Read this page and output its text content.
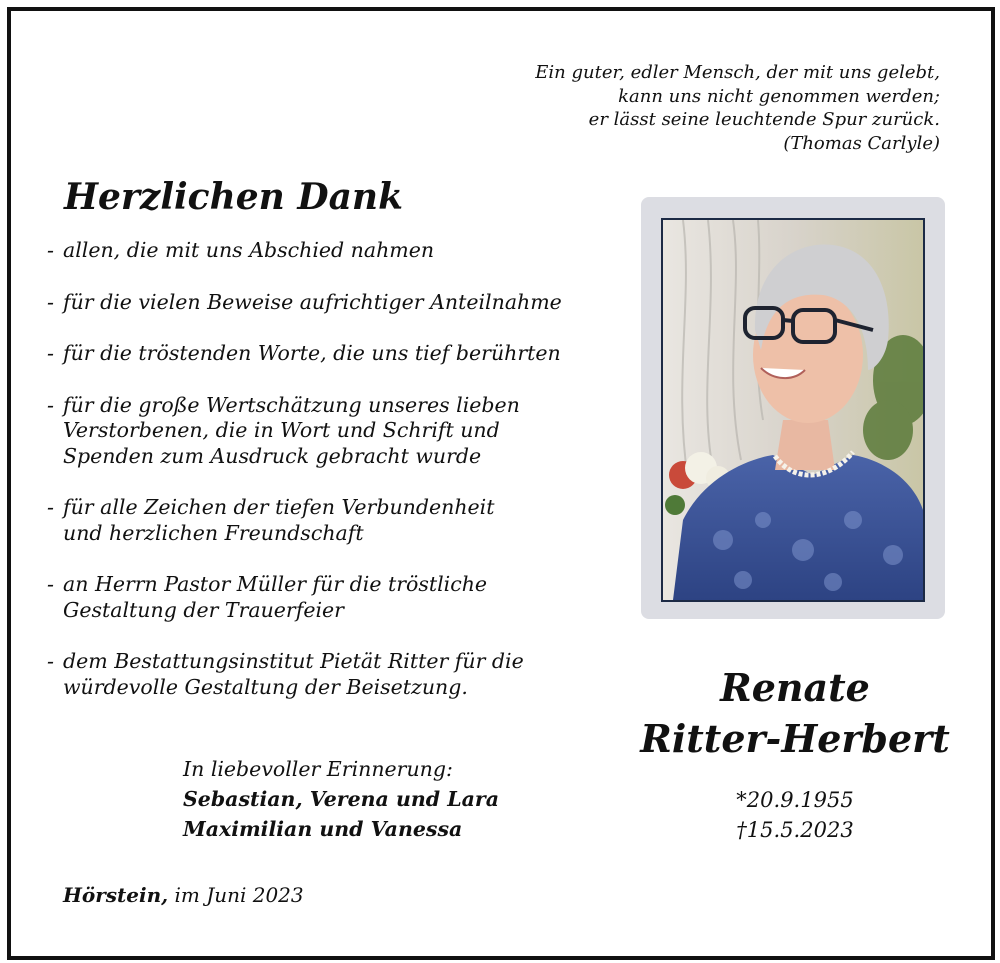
Ein guter, edler Mensch, der mit uns gelebt,
kann uns nicht genommen werden;
er lässt seine leuchtende Spur zurück.
(Thomas Carlyle)
Herzlichen Dank
- allen, die mit uns Abschied nahmen
- für die vielen Beweise aufrichtiger Anteilnahme
- für die tröstenden Worte, die uns tief berührten
- für die große Wertschätzung unseres lieben
Verstorbenen, die in Wort und Schrift und
Spenden zum Ausdruck gebracht wurde
- für alle Zeichen der tiefen Verbundenheit
und herzlichen Freundschaft
- an Herrn Pastor Müller für die tröstliche
Gestaltung der Trauerfeier
- dem Bestattungsinstitut Pietät Ritter für die
würdevolle Gestaltung der Beisetzung.
In liebevoller Erinnerung:
Sebastian, Verena und Lara
Maximilian und Vanessa
Hörstein, im Juni 2023
Renate
Ritter-Herbert
*20.9.1955
†15.5.2023
